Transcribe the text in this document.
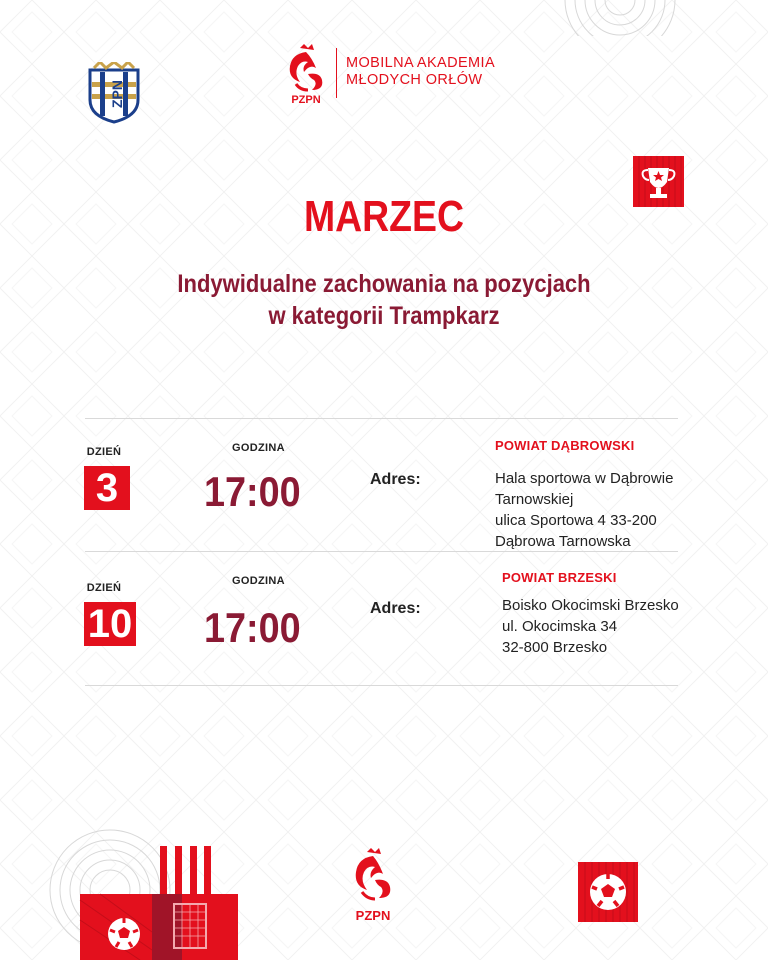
ZPN	PZPN
MOBILNA AKADEMIA
MŁODYCH ORŁÓW
MARZEC
Indywidualne zachowania na pozycjach
w kategorii Trampkarz
DZIEŃ
3
GODZINA
17:00	Adres:
POWIAT DĄBROWSKI
Hala sportowa w Dąbrowie
Tarnowskiej
ulica Sportowa 4 33-200
Dąbrowa Tarnowska
DZIEŃ
10
GODZINA
17:00	Adres:
POWIAT BRZESKI
Boisko Okocimski Brzesko
ul. Okocimska 34
32-800 Brzesko
PZPN
